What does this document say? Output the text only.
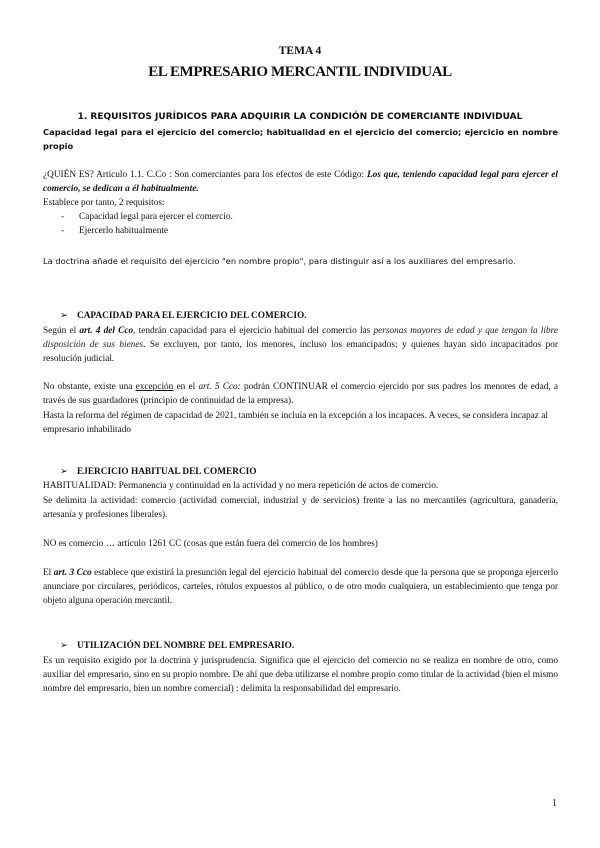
TEMA 4
EL EMPRESARIO MERCANTIL INDIVIDUAL
1. REQUISITOS JURÍDICOS PARA ADQUIRIR LA CONDICIÓN DE COMERCIANTE INDIVIDUAL

Capacidad legal para el ejercicio del comercio; habitualidad en el ejercicio del comercio; ejercicio en nombre propio

¿QUIÉN ES? Artículo 1.1. C.Co : Son comerciantes para los efectos de este Código: Los que, teniendo capacidad legal para ejercer el comercio, se dedican a él habitualmente.

Establece por tanto, 2 requisitos:

- Capacidad legal para ejercer el comercio.
- Ejercerlo habitualmente

La doctrina añade el requisito del ejercicio "en nombre propio", para distinguir así a los auxiliares del empresario.

➢ CAPACIDAD PARA EL EJERCICIO DEL COMERCIO.

Según el art. 4 del Cco, tendrán capacidad para el ejercicio habitual del comercio las personas mayores de edad y que tengan la libre disposición de sus bienes. Se excluyen, por tanto, los menores, incluso los emancipados; y quienes hayan sido incapacitados por resolución judicial.

No obstante, existe una excepción en el art. 5 Cco: podrán CONTINUAR el comercio ejercido por sus padres los menores de edad, a través de sus guardadores (principio de continuidad de la empresa).

Hasta la reforma del régimen de capacidad de 2021, también se incluía en la excepción a los incapaces. A veces, se considera incapaz al empresario inhabilitado

➢ EJERCICIO HABITUAL DEL COMERCIO

HABITUALIDAD: Permanencia y continuidad en la actividad y no mera repetición de actos de comercio.

Se delimita la actividad: comercio (actividad comercial, industrial y de servicios) frente a las no mercantiles (agricultura, ganadería, artesanía y profesiones liberales).

NO es comercio … artículo 1261 CC (cosas que están fuera del comercio de los hombres)

El art. 3 Cco establece que existirá la presunción legal del ejercicio habitual del comercio desde que la persona que se proponga ejercerlo anunciare por circulares, periódicos, carteles, rótulos expuestos al público, o de otro modo cualquiera, un establecimiento que tenga por objeto alguna operación mercantil.

➢ UTILIZACIÓN DEL NOMBRE DEL EMPRESARIO.

Es un requisito exigido por la doctrina y jurisprudencia. Significa que el ejercicio del comercio no se realiza en nombre de otro, como auxiliar del empresario, sino en su propio nombre. De ahí que deba utilizarse el nombre propio como titular de la actividad (bien el mismo nombre del empresario, bien un nombre comercial) : delimita la responsabilidad del empresario.

1
